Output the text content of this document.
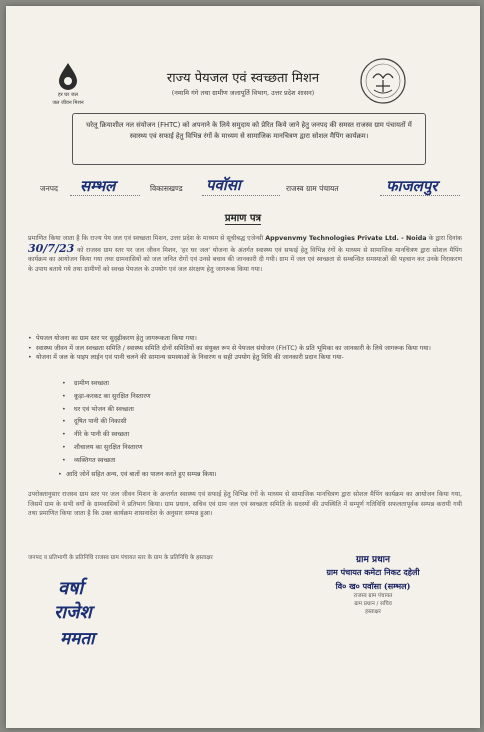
हर घर जल
जल जीवन मिशन
राज्य पेयजल एवं स्वच्छता मिशन
(नमामि गंगे तथा ग्रामीण जलापूर्ति विभाग, उत्तर प्रदेश शासन)
घरेलू क्रियाशील नल संयोजन (FHTC) को अपनाने के लिये समुदाय को प्रेरित किये जाने हेतु जनपद की समस्त राजस्व ग्राम पंचायतों में स्वास्थ्य एवं सफाई हेतु विभिन्न रंगों के माध्यम से सामाजिक मानचित्रण द्वारा सोशल मैपिंग कार्यक्रम।
जनपद सम्भल	विकासखण्ड पवॉसा	राजस्व ग्राम पंचायत	फाजलपुर
प्रमाण पत्र
प्रमाणित किया जाता है कि राज्य पेय जल एवं स्वच्छता मिशन, उत्तर प्रदेश के माध्यम से सूचीबद्ध एजेन्सी Appvenvmy Technologies Private Ltd. - Noida के द्वारा दिनांक 30/7/23 को राजस्व ग्राम स्तर पर जल जीवन मिशन, 'हर घर जल' योजना के अंतर्गत स्वास्थ्य एवं सफाई हेतु विभिन्न रंगों के माध्यम से सामाजिक मानचित्रण द्वारा सोशल मैपिंग कार्यक्रम का आयोजन किया गया तथा ग्रामवासियों को जल जनित रोगों एवं उनसे बचाव की जानकारी दी गयी। ग्राम में जल एवं स्वच्छता से सम्बन्धित समस्याओं की पहचान कर उनके निराकरण के उपाय बताये गये तथा ग्रामीणों को स्वच्छ पेयजल के उपयोग एवं जल संरक्षण हेतु जागरूक किया गया।
• पेयजल योजना का ग्राम स्तर पर सुदृढ़ीकरण हेतु जागरूकता किया गया।
• स्वास्थ्य जीवन में जल स्वच्छता समिति / स्वास्थ्य समिति दोनों समितियों का संयुक्त रूप से पेयजल संयोजन (FHTC) के प्रति भूमिका का जानकारी के लिये जागरूक किया गया।
• योजना में जल के पाइप लाईन एवं पानी चलने की सामान्य समस्याओं के निवारण व सही उपयोग हेतु विधि की जानकारी प्रदान किया गया-
• ग्रामीण स्वच्छता
• कूड़ा-करकट का सुरक्षित निस्तारण
• घर एवं भोजन की स्वच्छता
• दूषित पानी की निकासी
• नीरे के पानी की स्वच्छता
• शौचालय का सुरक्षित निस्तारण
• व्यक्तिगत स्वच्छता
• आदि जोनें सहित अन्य, एवं बातों का पालन करते हुए सम्पन्न किया।
उपरोक्तानुसार राजस्व ग्राम स्तर पर जल जीवन मिशन के अन्तर्गत स्वास्थ्य एवं सफाई हेतु विभिन्न रंगों के माध्यम से सामाजिक मानचित्रण द्वारा सोशल मैपिंग कार्यक्रम का आयोजन किया गया, जिसमें ग्राम के सभी वर्गों के ग्रामवासियों ने प्रतिभाग किया। ग्राम प्रधान, सचिव एवं ग्राम जल एवं स्वच्छता समिति के सदस्यों की उपस्थिति में सम्पूर्ण गतिविधि सफलतापूर्वक सम्पन्न करायी गयी तथा प्रमाणित किया जाता है कि उक्त कार्यक्रम शासनादेश के अनुसार सम्पन्न हुआ।
जनपद व प्रतिभागी के प्रतिनिधि राजस्व ग्राम पंचायत स्तर के ग्राम के प्रतिनिधि के हस्ताक्षर
वर्षा
राजेश
ममता
ग्राम प्रधान
ग्राम पंचायत कमेटा निकट दहेली
वि० ख० पवॉसा (सम्भल)
राजस्व ग्राम पंचायत
ग्राम प्रधान / सचिव
हस्ताक्षर
